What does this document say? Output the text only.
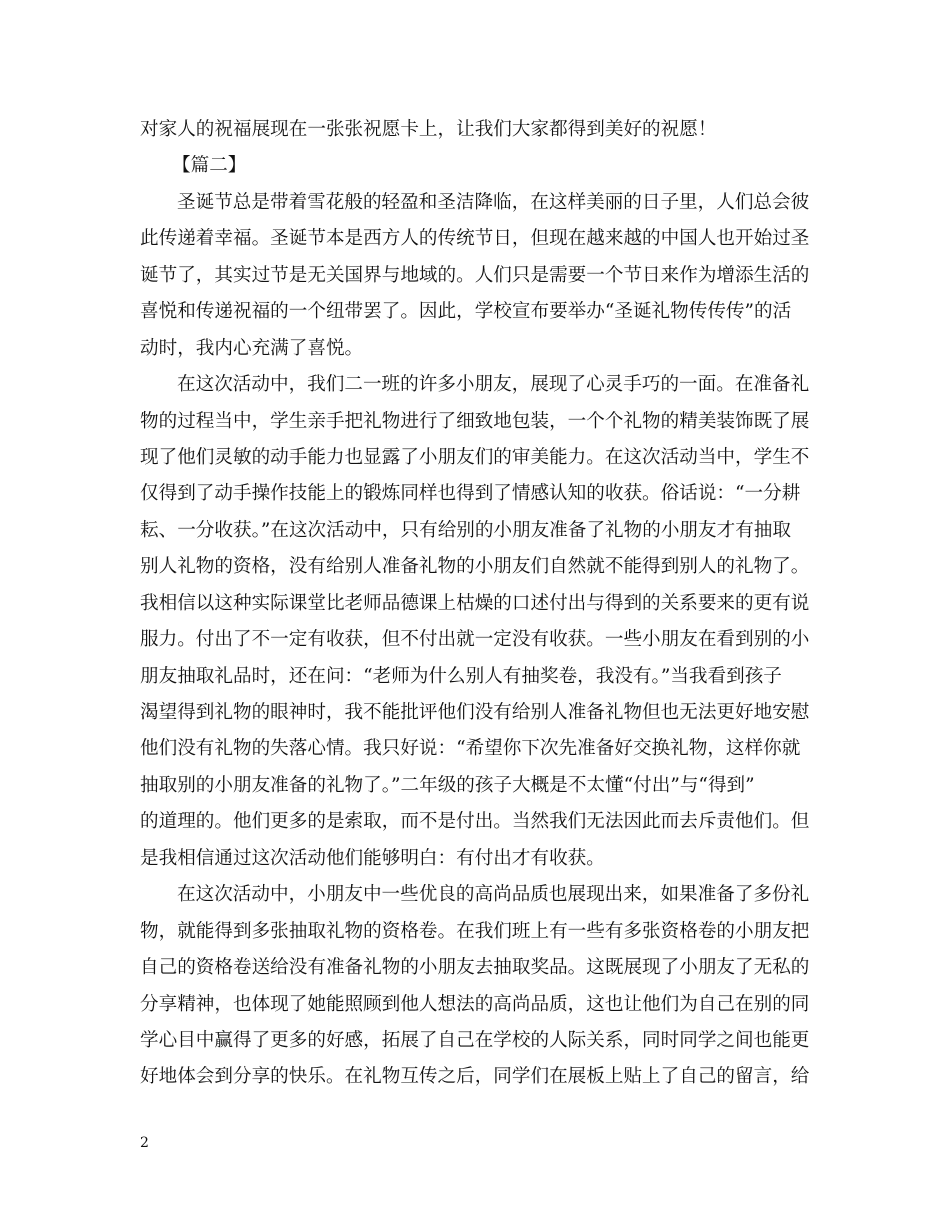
对家人的祝福展现在一张张祝愿卡上，让我们大家都得到美好的祝愿！
【篇二】
圣诞节总是带着雪花般的轻盈和圣洁降临，在这样美丽的日子里，人们总会彼
此传递着幸福。圣诞节本是西方人的传统节日，但现在越来越的中国人也开始过圣
诞节了，其实过节是无关国界与地域的。人们只是需要一个节日来作为增添生活的
喜悦和传递祝福的一个纽带罢了。因此，学校宣布要举办“圣诞礼物传传传”的活
动时，我内心充满了喜悦。
在这次活动中，我们二一班的许多小朋友，展现了心灵手巧的一面。在准备礼
物的过程当中，学生亲手把礼物进行了细致地包装，一个个礼物的精美装饰既了展
现了他们灵敏的动手能力也显露了小朋友们的审美能力。在这次活动当中，学生不
仅得到了动手操作技能上的锻炼同样也得到了情感认知的收获。俗话说：“一分耕
耘、一分收获。”在这次活动中，只有给别的小朋友准备了礼物的小朋友才有抽取
别人礼物的资格，没有给别人准备礼物的小朋友们自然就不能得到别人的礼物了。
我相信以这种实际课堂比老师品德课上枯燥的口述付出与得到的关系要来的更有说
服力。付出了不一定有收获，但不付出就一定没有收获。一些小朋友在看到别的小
朋友抽取礼品时，还在问：“老师为什么别人有抽奖卷，我没有。”当我看到孩子
渴望得到礼物的眼神时，我不能批评他们没有给别人准备礼物但也无法更好地安慰
他们没有礼物的失落心情。我只好说：“希望你下次先准备好交换礼物，这样你就
抽取别的小朋友准备的礼物了。”二年级的孩子大概是不太懂“付出”与“得到”
的道理的。他们更多的是索取，而不是付出。当然我们无法因此而去斥责他们。但
是我相信通过这次活动他们能够明白：有付出才有收获。
在这次活动中，小朋友中一些优良的高尚品质也展现出来，如果准备了多份礼
物，就能得到多张抽取礼物的资格卷。在我们班上有一些有多张资格卷的小朋友把
自己的资格卷送给没有准备礼物的小朋友去抽取奖品。这既展现了小朋友了无私的
分享精神，也体现了她能照顾到他人想法的高尚品质，这也让他们为自己在别的同
学心目中赢得了更多的好感，拓展了自己在学校的人际关系，同时同学之间也能更
好地体会到分享的快乐。在礼物互传之后，同学们在展板上贴上了自己的留言，给
2
